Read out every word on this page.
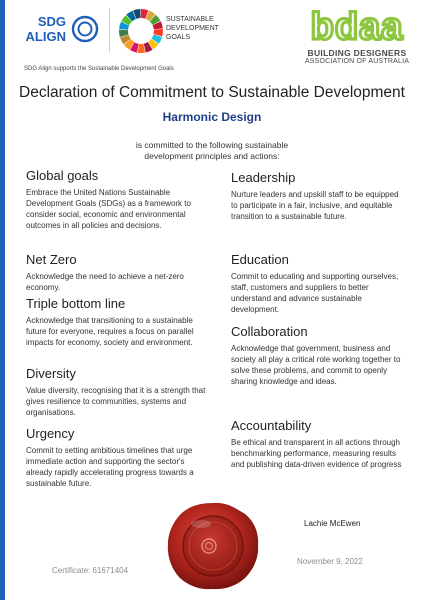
SDG
ALIGN
SUSTAINABLE DEVELOPMENT GOALS	bdaa
BUILDING DESIGNERS
ASSOCIATION OF AUSTRALIA
SDG Align supports the Sustainable Development Goals
Declaration of Commitment to Sustainable Development
Harmonic Design
is committed to the following sustainable development principles and actions:
Global goals

Embrace the United Nations Sustainable Development Goals (SDGs) as a framework to consider social, economic and environmental outcomes in all policies and decisions.

Net Zero

Acknowledge the need to achieve a net-zero economy.

Triple bottom line

Acknowledge that transitioning to a sustainable future for everyone, requires a focus on parallel impacts for economy, society and environment.

Diversity

Value diversity, recognising that it is a strength that gives resilience to communities, systems and organisations.

Urgency

Commit to setting ambitious timelines that urge immediate action and supporting the sector's already rapidly accelerating progress towards a sustainable future.

Leadership

Nurture leaders and upskill staff to be equipped to participate in a fair, inclusive, and equitable transition to a sustainable future.

Education

Commit to educating and supporting ourselves, staff, customers and suppliers to better understand and advance sustainable development.

Collaboration

Acknowledge that government, business and society all play a critical role working together to solve these problems, and commit to openly sharing knowledge and ideas.

Accountability

Be ethical and transparent in all actions through benchmarking performance, measuring results and publishing data-driven evidence of progress

Lachie McEwen
November 9, 2022
Certificate: 61671404
